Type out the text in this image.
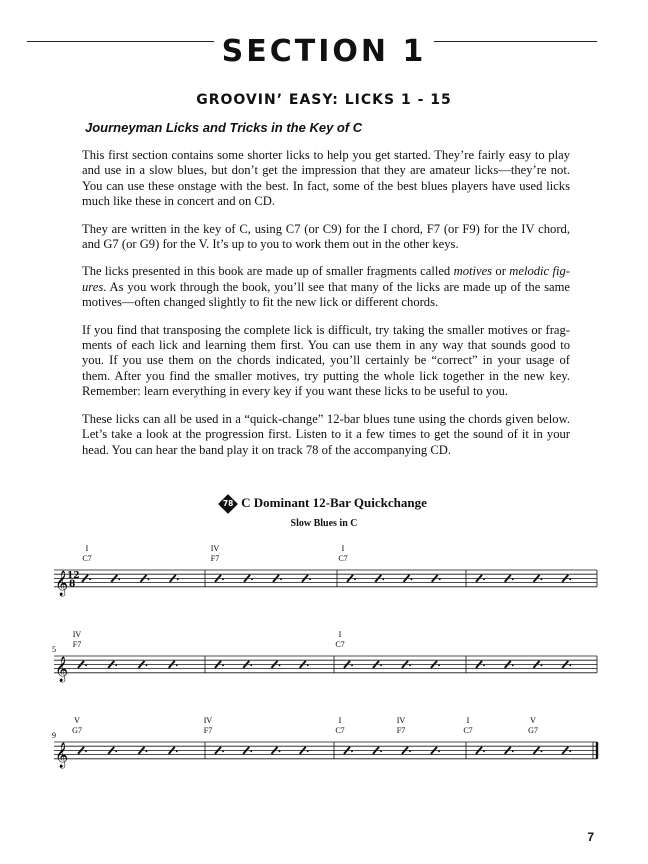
SECTION 1
GROOVIN’ EASY: LICKS 1 - 15
Journeyman Licks and Tricks in the Key of C

This first section contains some shorter licks to help you get started. They’re fairly easy to play and use in a slow blues, but don’t get the impression that they are amateur licks—they’re not. You can use these onstage with the best. In fact, some of the best blues players have used licks much like these in concert and on CD.

They are written in the key of C, using C7 (or C9) for the I chord, F7 (or F9) for the IV chord, and G7 (or G9) for the V. It’s up to you to work them out in the other keys.

The licks presented in this book are made up of smaller fragments called motives or melodic fig-ures. As you work through the book, you’ll see that many of the licks are made up of the same motives—often changed slightly to fit the new lick or different chords.

If you find that transposing the complete lick is difficult, try taking the smaller motives or frag-ments of each lick and learning them first. You can use them in any way that sounds good to you. If you use them on the chords indicated, you’ll certainly be “correct” in your usage of them. After you find the smaller motives, try putting the whole lick together in the new key. Remember: learn everything in every key if you want these licks to be useful to you.

These licks can all be used in a “quick-change” 12-bar blues tune using the chords given below. Let’s take a look at the progression first. Listen to it a few times to get the sound of it in your head. You can hear the band play it on track 78 of the accompanying CD.

78 C Dominant 12-Bar Quickchange
Slow Blues in C
𝄞
12
8
I
C7
IV
F7
I
C7
𝄞
5
IV
F7
I
C7
𝄞
9
V
G7
IV
F7
I
C7
IV
F7
I
C7
V
G7
7
